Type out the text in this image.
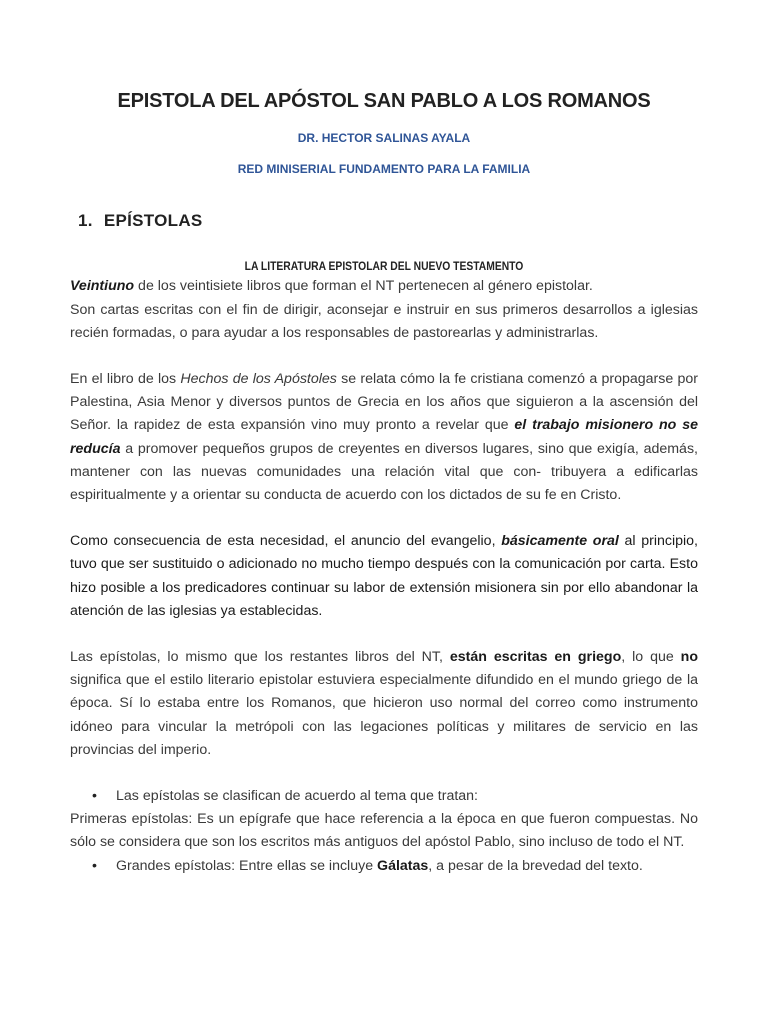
EPISTOLA DEL APÓSTOL SAN PABLO A LOS ROMANOS

DR. HECTOR SALINAS AYALA

RED MINISERIAL FUNDAMENTO PARA LA FAMILIA

1. EPÍSTOLAS
LA LITERATURA EPISTOLAR DEL NUEVO TESTAMENTO

Veintiuno de los veintisiete libros que forman el NT pertenecen al género epistolar.

Son cartas escritas con el fin de dirigir, aconsejar e instruir en sus primeros desarrollos a iglesias recién formadas, o para ayudar a los responsables de pastorearlas y administrarlas.

En el libro de los Hechos de los Apóstoles se relata cómo la fe cristiana comenzó a propagarse por Palestina, Asia Menor y diversos puntos de Grecia en los años que siguieron a la ascensión del Señor. la rapidez de esta expansión vino muy pronto a revelar que el trabajo misionero no se reducía a promover pequeños grupos de creyentes en diversos lugares, sino que exigía, además, mantener con las nuevas comunidades una relación vital que con- tribuyera a edificarlas espiritualmente y a orientar su conducta de acuerdo con los dictados de su fe en Cristo.

Como consecuencia de esta necesidad, el anuncio del evangelio, básicamente oral al principio, tuvo que ser sustituido o adicionado no mucho tiempo después con la comunicación por carta. Esto hizo posible a los predicadores continuar su labor de extensión misionera sin por ello abandonar la atención de las iglesias ya establecidas.

Las epístolas, lo mismo que los restantes libros del NT, están escritas en griego, lo que no significa que el estilo literario epistolar estuviera especialmente difundido en el mundo griego de la época. Sí lo estaba entre los Romanos, que hicieron uso normal del correo como instrumento idóneo para vincular la metrópoli con las legaciones políticas y militares de servicio en las provincias del imperio.

• Las epístolas se clasifican de acuerdo al tema que tratan:

Primeras epístolas: Es un epígrafe que hace referencia a la época en que fueron compuestas. No sólo se considera que son los escritos más antiguos del apóstol Pablo, sino incluso de todo el NT.

• Grandes epístolas: Entre ellas se incluye Gálatas, a pesar de la brevedad del texto.
